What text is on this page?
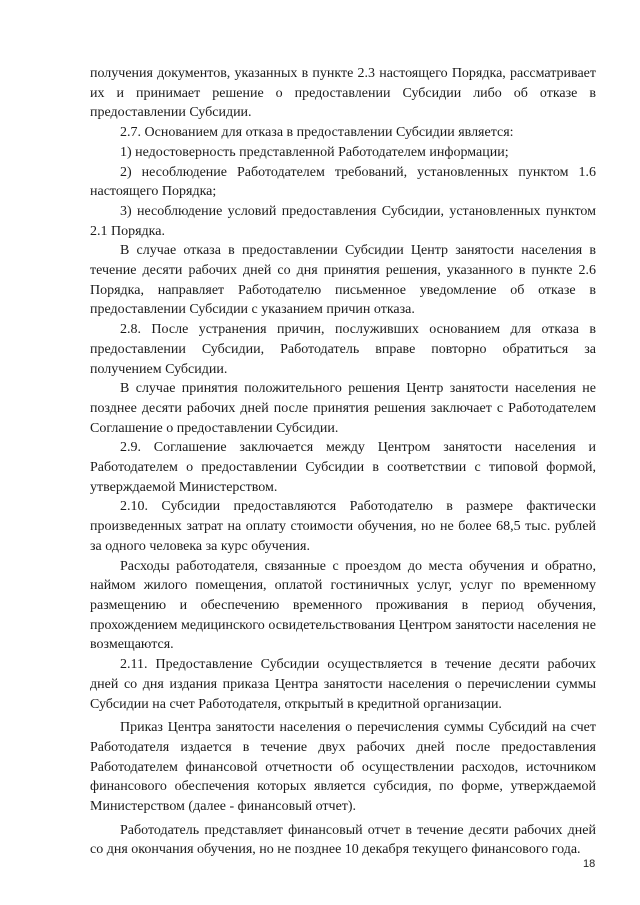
получения документов, указанных в пункте 2.3 настоящего Порядка, рассматривает их и принимает решение о предоставлении Субсидии либо об отказе в предоставлении Субсидии.

2.7. Основанием для отказа в предоставлении Субсидии является:

1) недостоверность представленной Работодателем информации;

2) несоблюдение Работодателем требований, установленных пунктом 1.6 настоящего Порядка;

3) несоблюдение условий предоставления Субсидии, установленных пунктом 2.1 Порядка.

В случае отказа в предоставлении Субсидии Центр занятости населения в течение десяти рабочих дней со дня принятия решения, указанного в пункте 2.6 Порядка, направляет Работодателю письменное уведомление об отказе в предоставлении Субсидии с указанием причин отказа.

2.8. После устранения причин, послуживших основанием для отказа в предоставлении Субсидии, Работодатель вправе повторно обратиться за получением Субсидии.

В случае принятия положительного решения Центр занятости населения не позднее десяти рабочих дней после принятия решения заключает с Работодателем Соглашение о предоставлении Субсидии.

2.9. Соглашение заключается между Центром занятости населения и Работодателем о предоставлении Субсидии в соответствии с типовой формой, утверждаемой Министерством.

2.10. Субсидии предоставляются Работодателю в размере фактически произведенных затрат на оплату стоимости обучения, но не более 68,5 тыс. рублей за одного человека за курс обучения.

Расходы работодателя, связанные с проездом до места обучения и обратно, наймом жилого помещения, оплатой гостиничных услуг, услуг по временному размещению и обеспечению временного проживания в период обучения, прохождением медицинского освидетельствования Центром занятости населения не возмещаются.

2.11. Предоставление Субсидии осуществляется в течение десяти рабочих дней со дня издания приказа Центра занятости населения о перечислении суммы Субсидии на счет Работодателя, открытый в кредитной организации.

Приказ Центра занятости населения о перечисления суммы Субсидий на счет Работодателя издается в течение двух рабочих дней после предоставления Работодателем финансовой отчетности об осуществлении расходов, источником финансового обеспечения которых является субсидия, по форме, утверждаемой Министерством (далее - финансовый отчет).

Работодатель представляет финансовый отчет в течение десяти рабочих дней со дня окончания обучения, но не позднее 10 декабря текущего финансового года.

18
